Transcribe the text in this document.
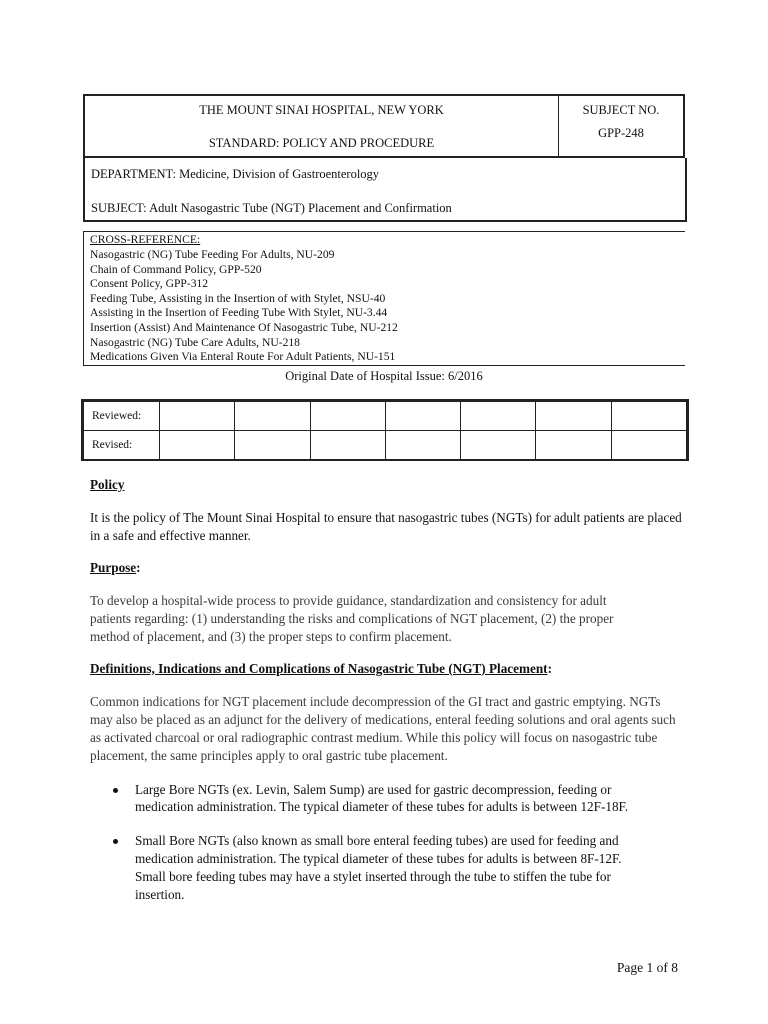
THE MOUNT SINAI HOSPITAL, NEW YORK
STANDARD: POLICY AND PROCEDURE
SUBJECT NO.
GPP-248
DEPARTMENT: Medicine, Division of Gastroenterology
SUBJECT: Adult Nasogastric Tube (NGT) Placement and Confirmation
CROSS-REFERENCE:
Nasogastric (NG) Tube Feeding For Adults, NU-209
Chain of Command Policy, GPP-520
Consent Policy, GPP-312
Feeding Tube, Assisting in the Insertion of with Stylet, NSU-40
Assisting in the Insertion of Feeding Tube With Stylet, NU-3.44
Insertion (Assist) And Maintenance Of Nasogastric Tube, NU-212
Nasogastric (NG) Tube Care Adults, NU-218
Medications Given Via Enteral Route For Adult Patients, NU-151
Original Date of Hospital Issue: 6/2016
Reviewed:							
Revised:							
Policy

It is the policy of The Mount Sinai Hospital to ensure that nasogastric tubes (NGTs) for adult patients are placed in a safe and effective manner.

Purpose:

To develop a hospital-wide process to provide guidance, standardization and consistency for adult patients regarding: (1) understanding the risks and complications of NGT placement, (2) the proper method of placement, and (3) the proper steps to confirm placement.

Definitions, Indications and Complications of Nasogastric Tube (NGT) Placement:

Common indications for NGT placement include decompression of the GI tract and gastric emptying. NGTs may also be placed as an adjunct for the delivery of medications, enteral feeding solutions and oral agents such as activated charcoal or oral radiographic contrast medium. While this policy will focus on nasogastric tube placement, the same principles apply to oral gastric tube placement.

Large Bore NGTs (ex. Levin, Salem Sump) are used for gastric decompression, feeding or medication administration. The typical diameter of these tubes for adults is between 12F-18F.
Small Bore NGTs (also known as small bore enteral feeding tubes) are used for feeding and medication administration. The typical diameter of these tubes for adults is between 8F-12F. Small bore feeding tubes may have a stylet inserted through the tube to stiffen the tube for insertion.
Page 1 of 8
